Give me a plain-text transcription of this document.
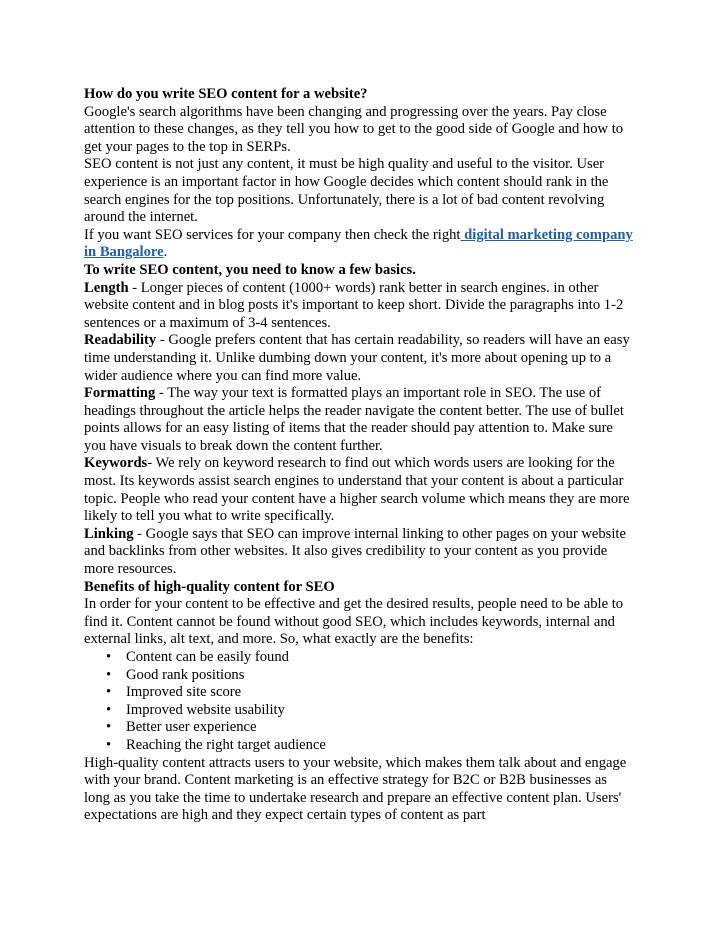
How do you write SEO content for a website?

Google's search algorithms have been changing and progressing over the years. Pay close attention to these changes, as they tell you how to get to the good side of Google and how to get your pages to the top in SERPs.

SEO content is not just any content, it must be high quality and useful to the visitor. User experience is an important factor in how Google decides which content should rank in the search engines for the top positions. Unfortunately, there is a lot of bad content revolving around the internet.

If you want SEO services for your company then check the right digital marketing company in Bangalore.

To write SEO content, you need to know a few basics.

Length - Longer pieces of content (1000+ words) rank better in search engines. in other website content and in blog posts it's important to keep short. Divide the paragraphs into 1-2 sentences or a maximum of 3-4 sentences.

Readability - Google prefers content that has certain readability, so readers will have an easy time understanding it. Unlike dumbing down your content, it's more about opening up to a wider audience where you can find more value.

Formatting - The way your text is formatted plays an important role in SEO. The use of headings throughout the article helps the reader navigate the content better. The use of bullet points allows for an easy listing of items that the reader should pay attention to. Make sure you have visuals to break down the content further.

Keywords- We rely on keyword research to find out which words users are looking for the most. Its keywords assist search engines to understand that your content is about a particular topic. People who read your content have a higher search volume which means they are more likely to tell you what to write specifically.

Linking - Google says that SEO can improve internal linking to other pages on your website and backlinks from other websites. It also gives credibility to your content as you provide more resources.

Benefits of high-quality content for SEO

In order for your content to be effective and get the desired results, people need to be able to find it. Content cannot be found without good SEO, which includes keywords, internal and external links, alt text, and more. So, what exactly are the benefits:

• Content can be easily found
• Good rank positions
• Improved site score
• Improved website usability
• Better user experience
• Reaching the right target audience

High-quality content attracts users to your website, which makes them talk about and engage with your brand. Content marketing is an effective strategy for B2C or B2B businesses as long as you take the time to undertake research and prepare an effective content plan. Users' expectations are high and they expect certain types of content as part
